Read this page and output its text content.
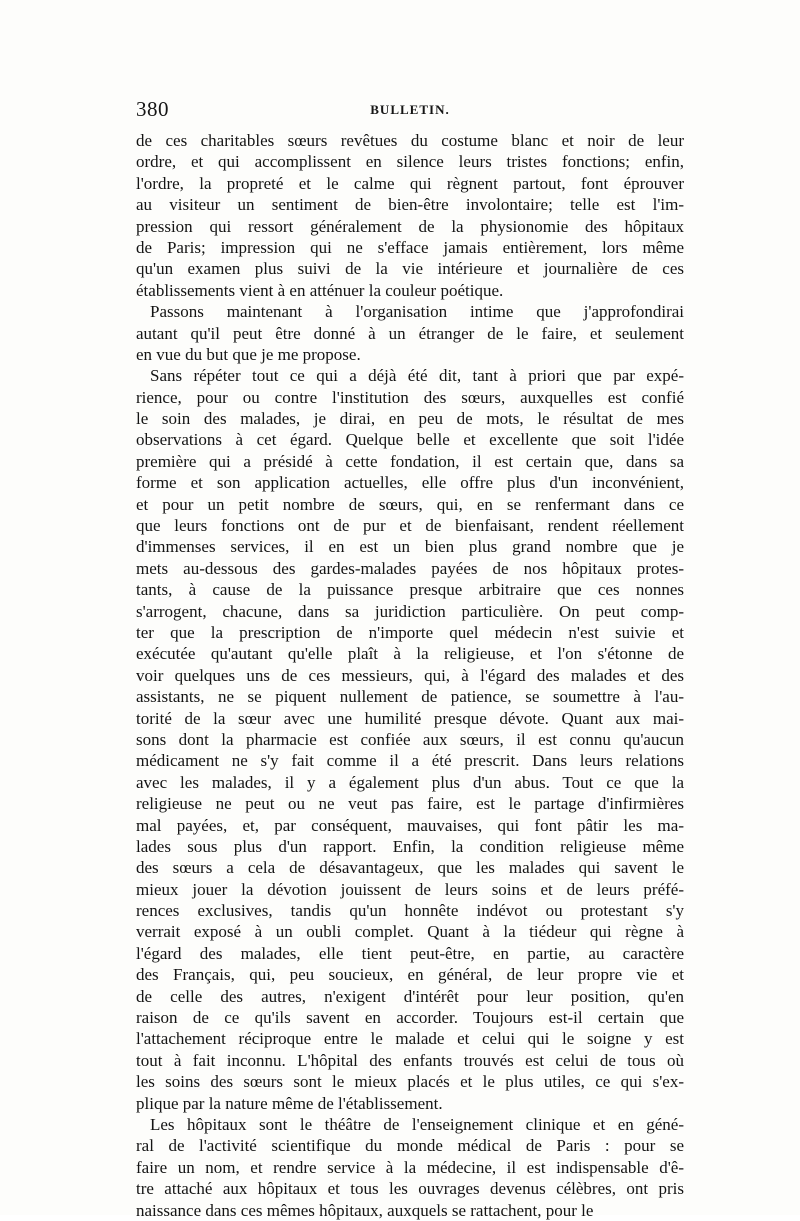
380	BULLETIN.
de ces charitables sœurs revêtues du costume blanc et noir de leur
ordre, et qui accomplissent en silence leurs tristes fonctions; enfin,
l'ordre, la propreté et le calme qui règnent partout, font éprouver
au visiteur un sentiment de bien-être involontaire; telle est l'im-
pression qui ressort généralement de la physionomie des hôpitaux
de Paris; impression qui ne s'efface jamais entièrement, lors même
qu'un examen plus suivi de la vie intérieure et journalière de ces
établissements vient à en atténuer la couleur poétique.
Passons maintenant à l'organisation intime que j'approfondirai
autant qu'il peut être donné à un étranger de le faire, et seulement
en vue du but que je me propose.
Sans répéter tout ce qui a déjà été dit, tant à priori que par expé-
rience, pour ou contre l'institution des sœurs, auxquelles est confié
le soin des malades, je dirai, en peu de mots, le résultat de mes
observations à cet égard. Quelque belle et excellente que soit l'idée
première qui a présidé à cette fondation, il est certain que, dans sa
forme et son application actuelles, elle offre plus d'un inconvénient,
et pour un petit nombre de sœurs, qui, en se renfermant dans ce
que leurs fonctions ont de pur et de bienfaisant, rendent réellement
d'immenses services, il en est un bien plus grand nombre que je
mets au-dessous des gardes-malades payées de nos hôpitaux protes-
tants, à cause de la puissance presque arbitraire que ces nonnes
s'arrogent, chacune, dans sa juridiction particulière. On peut comp-
ter que la prescription de n'importe quel médecin n'est suivie et
exécutée qu'autant qu'elle plaît à la religieuse, et l'on s'étonne de
voir quelques uns de ces messieurs, qui, à l'égard des malades et des
assistants, ne se piquent nullement de patience, se soumettre à l'au-
torité de la sœur avec une humilité presque dévote. Quant aux mai-
sons dont la pharmacie est confiée aux sœurs, il est connu qu'aucun
médicament ne s'y fait comme il a été prescrit. Dans leurs relations
avec les malades, il y a également plus d'un abus. Tout ce que la
religieuse ne peut ou ne veut pas faire, est le partage d'infirmières
mal payées, et, par conséquent, mauvaises, qui font pâtir les ma-
lades sous plus d'un rapport. Enfin, la condition religieuse même
des sœurs a cela de désavantageux, que les malades qui savent le
mieux jouer la dévotion jouissent de leurs soins et de leurs préfé-
rences exclusives, tandis qu'un honnête indévot ou protestant s'y
verrait exposé à un oubli complet. Quant à la tiédeur qui règne à
l'égard des malades, elle tient peut-être, en partie, au caractère
des Français, qui, peu soucieux, en général, de leur propre vie et
de celle des autres, n'exigent d'intérêt pour leur position, qu'en
raison de ce qu'ils savent en accorder. Toujours est-il certain que
l'attachement réciproque entre le malade et celui qui le soigne y est
tout à fait inconnu. L'hôpital des enfants trouvés est celui de tous où
les soins des sœurs sont le mieux placés et le plus utiles, ce qui s'ex-
plique par la nature même de l'établissement.
Les hôpitaux sont le théâtre de l'enseignement clinique et en géné-
ral de l'activité scientifique du monde médical de Paris : pour se
faire un nom, et rendre service à la médecine, il est indispensable d'ê-
tre attaché aux hôpitaux et tous les ouvrages devenus célèbres, ont pris
naissance dans ces mêmes hôpitaux, auxquels se rattachent, pour le
